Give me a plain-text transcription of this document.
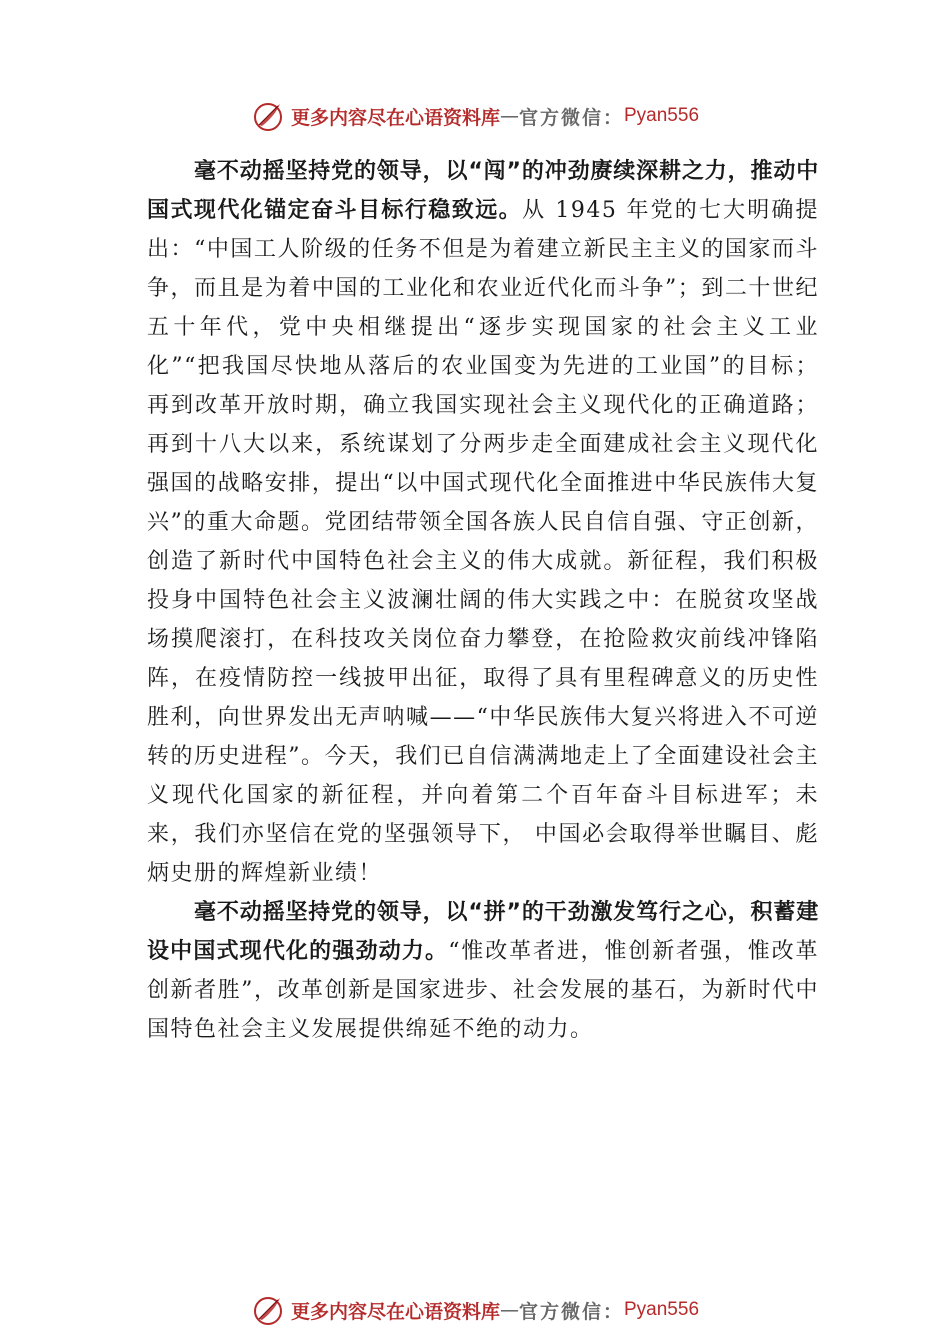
更多内容尽在心语资料库 — 官方微信： Pyan556

毫不动摇坚持党的领导，以“闯”的冲劲赓续深耕之力，推动中国式现代化锚定奋斗目标行稳致远。从 1945 年党的七大明确提出：“中国工人阶级的任务不但是为着建立新民主主义的国家而斗争，而且是为着中国的工业化和农业近代化而斗争”；到二十世纪五十年代，党中央相继提出“逐步实现国家的社会主义工业化”“把我国尽快地从落后的农业国变为先进的工业国”的目标；再到改革开放时期，确立我国实现社会主义现代化的正确道路；再到十八大以来，系统谋划了分两步走全面建成社会主义现代化强国的战略安排，提出“以中国式现代化全面推进中华民族伟大复兴”的重大命题。党团结带领全国各族人民自信自强、守正创新，创造了新时代中国特色社会主义的伟大成就。新征程，我们积极投身中国特色社会主义波澜壮阔的伟大实践之中：在脱贫攻坚战场摸爬滚打，在科技攻关岗位奋力攀登，在抢险救灾前线冲锋陷阵，在疫情防控一线披甲出征，取得了具有里程碑意义的历史性胜利，向世界发出无声呐喊——“中华民族伟大复兴将进入不可逆转的历史进程”。今天，我们已自信满满地走上了全面建设社会主义现代化国家的新征程，并向着第二个百年奋斗目标进军；未来，我们亦坚信在党的坚强领导下， 中国必会取得举世瞩目、彪炳史册的辉煌新业绩！

毫不动摇坚持党的领导，以“拼”的干劲激发笃行之心，积蓄建设中国式现代化的强劲动力。“惟改革者进，惟创新者强，惟改革创新者胜”，改革创新是国家进步、社会发展的基石，为新时代中国特色社会主义发展提供绵延不绝的动力。

更多内容尽在心语资料库 — 官方微信： Pyan556
